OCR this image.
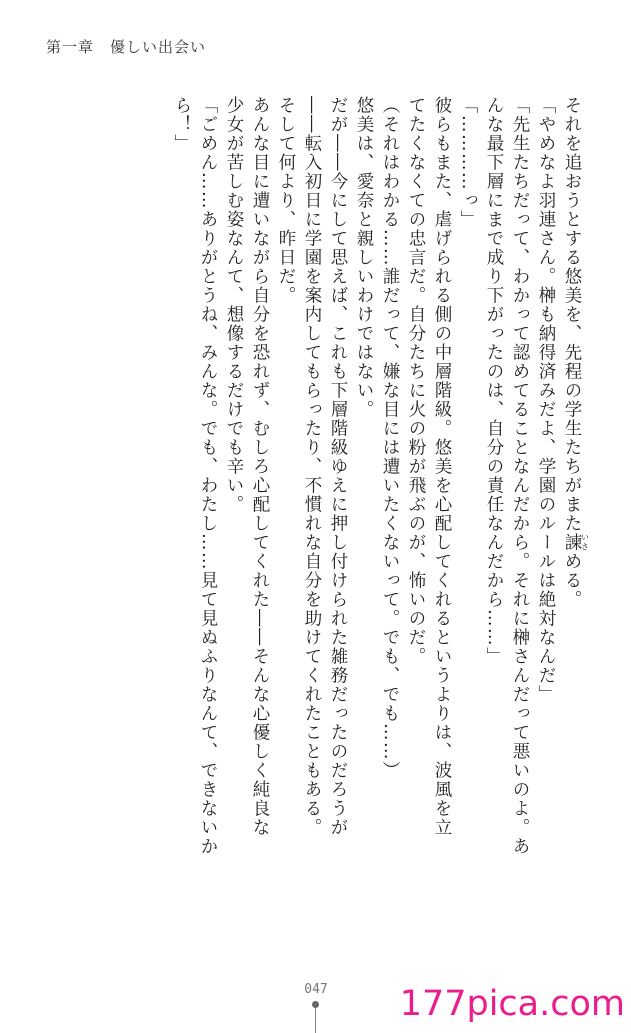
第一章　優しい出会い

それを追おうとする悠美を、先程の学生たちがまた諫いさめる。

「やめなよ羽連さん。榊も納得済みだよ、学園のルールは絶対なんだ」

「先生たちだって、わかって認めてることなんだから。それに榊さんだって悪いのよ。あ

んな最下層にまで成り下がったのは、自分の責任なんだから……」

「…………っ」

彼らもまた、虐げられる側の中層階級。悠美を心配してくれるというよりは、波風を立

てたくなくての忠言だ。自分たちに火の粉が飛ぶのが、怖いのだ。

（それはわかる……誰だって、嫌な目には遭いたくないって。でも、でも……）

悠美は、愛奈と親しいわけではない。

だが――今にして思えば、これも下層階級ゆえに押し付けられた雑務だったのだろうが

――転入初日に学園を案内してもらったり、不慣れな自分を助けてくれたこともある。

そして何より、昨日だ。

あんな目に遭いながら自分を恐れず、むしろ心配してくれた――そんな心優しく純良な

少女が苦しむ姿なんて、想像するだけでも辛い。

「ごめん……ありがとうね、みんな。でも、わたし……見て見ぬふりなんて、できないか

ら！」

047 177pica.com
